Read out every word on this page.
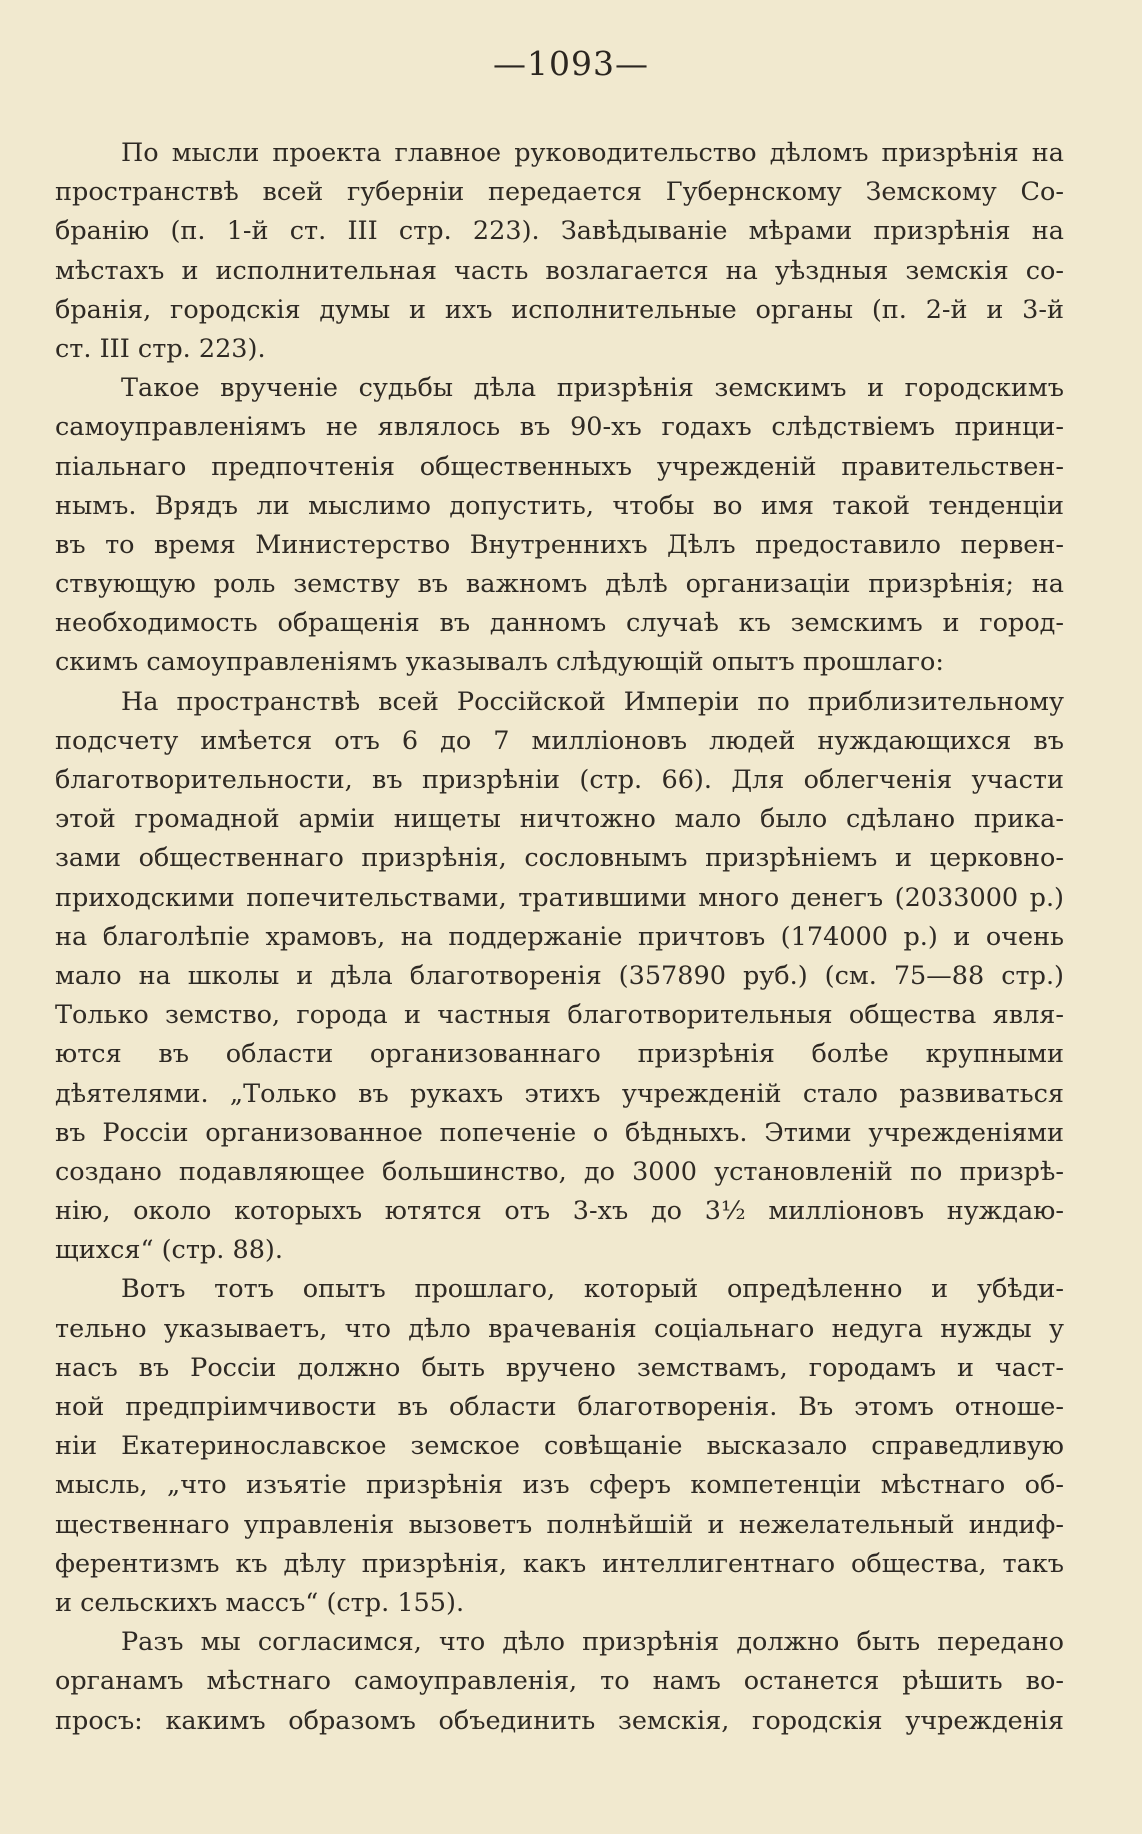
—1093—

По мысли проекта главное руководительство дѣломъ призрѣнія на
пространствѣ всей губерніи передается Губернскому Земскому Со-
бранію (п. 1-й ст. III стр. 223). Завѣдываніе мѣрами призрѣнія на
мѣстахъ и исполнительная часть возлагается на уѣздныя земскія со-
бранія, городскія думы и ихъ исполнительные органы (п. 2-й и 3-й
ст. III стр. 223).

Такое врученіе судьбы дѣла призрѣнія земскимъ и городскимъ
самоуправленіямъ не являлось въ 90-хъ годахъ слѣдствіемъ принци-
піальнаго предпочтенія общественныхъ учрежденій правительствен-
нымъ. Врядъ ли мыслимо допустить, чтобы во имя такой тенденціи
въ то время Министерство Внутреннихъ Дѣлъ предоставило первен-
ствующую роль земству въ важномъ дѣлѣ организаціи призрѣнія; на
необходимость обращенія въ данномъ случаѣ къ земскимъ и город-
скимъ самоуправленіямъ указывалъ слѣдующій опытъ прошлаго:

На пространствѣ всей Россійской Имперіи по приблизительному
подсчету имѣется отъ 6 до 7 милліоновъ людей нуждающихся въ
благотворительности, въ призрѣніи (стр. 66). Для облегченія участи
этой громадной арміи нищеты ничтожно мало было сдѣлано прика-
зами общественнаго призрѣнія, сословнымъ призрѣніемъ и церковно-
приходскими попечительствами, тратившими много денегъ (2033000 р.)
на благолѣпіе храмовъ, на поддержаніе причтовъ (174000 р.) и очень
мало на школы и дѣла благотворенія (357890 руб.) (см. 75—88 стр.)
Только земство, города и частныя благотворительныя общества явля-
ются въ области организованнаго призрѣнія болѣе крупными
дѣятелями. „Только въ рукахъ этихъ учрежденій стало развиваться
въ Россіи организованное попеченіе о бѣдныхъ. Этими учрежденіями
создано подавляющее большинство, до 3000 установленій по призрѣ-
нію, около которыхъ ютятся отъ 3-хъ до 3½ милліоновъ нуждаю-
щихся“ (стр. 88).

Вотъ тотъ опытъ прошлаго, который опредѣленно и убѣди-
тельно указываетъ, что дѣло врачеванія соціальнаго недуга нужды у
насъ въ Россіи должно быть вручено земствамъ, городамъ и част-
ной предпріимчивости въ области благотворенія. Въ этомъ отноше-
ніи Екатеринославское земское совѣщаніе высказало справедливую
мысль, „что изъятіе призрѣнія изъ сферъ компетенціи мѣстнаго об-
щественнаго управленія вызоветъ полнѣйшій и нежелательный индиф-
ферентизмъ къ дѣлу призрѣнія, какъ интеллигентнаго общества, такъ
и сельскихъ массъ“ (стр. 155).

Разъ мы согласимся, что дѣло призрѣнія должно быть передано
органамъ мѣстнаго самоуправленія, то намъ останется рѣшить во-
просъ: какимъ образомъ объединить земскія, городскія учрежденія
